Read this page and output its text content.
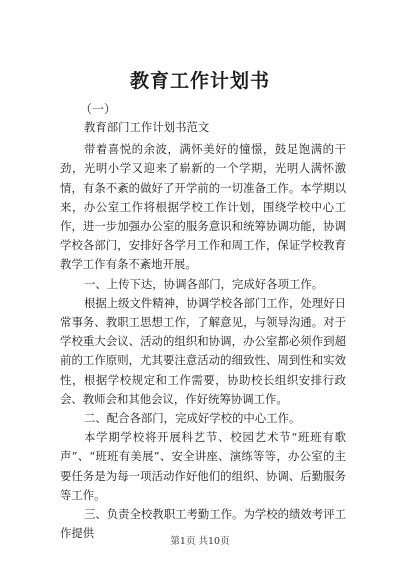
教育工作计划书
（一）

教育部门工作计划书范文

带着喜悦的余波，满怀美好的憧憬，鼓足饱满的干劲，光明小学又迎来了崭新的一个学期，光明人满怀激情，有条不紊的做好了开学前的一切准备工作。本学期以来，办公室工作将根据学校工作计划，围绕学校中心工作，进一步加强办公室的服务意识和统筹协调功能，协调学校各部门，安排好各学月工作和周工作，保证学校教育教学工作有条不紊地开展。

一、上传下达，协调各部门，完成好各项工作。

根据上级文件精神，协调学校各部门工作，处理好日常事务、教职工思想工作，了解意见，与领导沟通。对于学校重大会议、活动的组织和协调，办公室都必须作到超前的工作原则，尤其要注意活动的细致性、周到性和实效性，根据学校规定和工作需要，协助校长组织安排行政会、教师会和其他会议，作好统筹协调工作。

二、配合各部门，完成好学校的中心工作。

本学期学校将开展科艺节、校园艺术节“班班有歌声”、“班班有美展”、安全讲座、演练等等，办公室的主要任务是为每一项活动作好他们的组织、协调、后勤服务等工作。

三、负责全校教职工考勤工作。为学校的绩效考评工作提供

第1页 共10页
